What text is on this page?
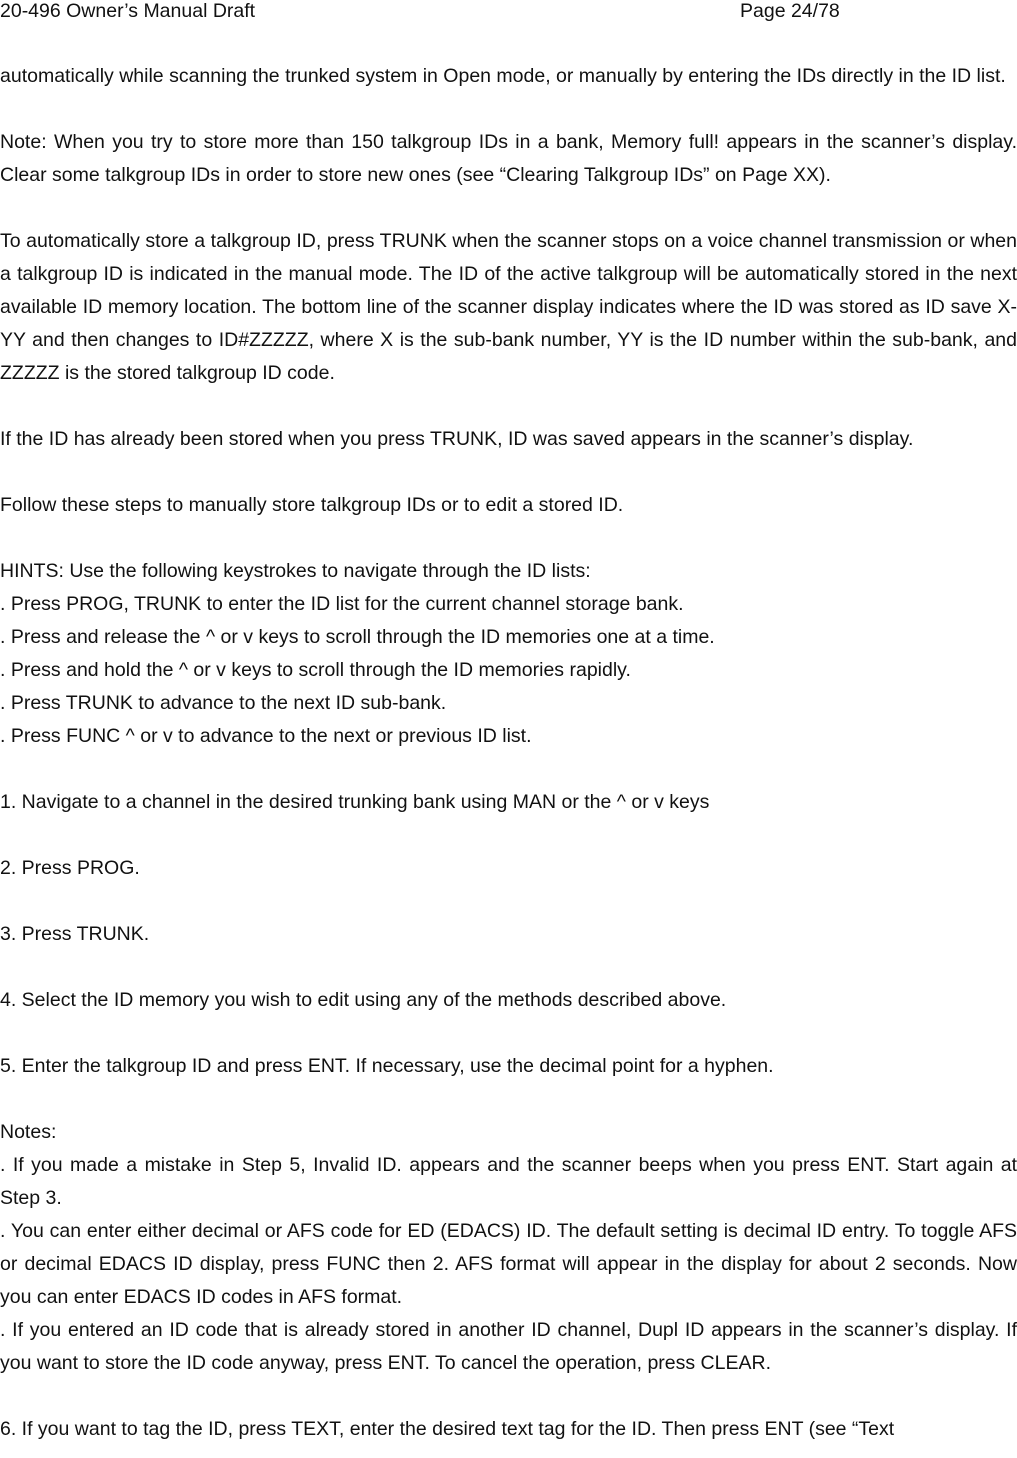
20-496 Owner’s Manual Draft	Page 24/78

automatically while scanning the trunked system in Open mode, or manually by entering the IDs directly in the ID list.

Note: When you try to store more than 150 talkgroup IDs in a bank, Memory full! appears in the scanner’s display. Clear some talkgroup IDs in order to store new ones (see “Clearing Talkgroup IDs” on Page XX).

To automatically store a talkgroup ID, press TRUNK when the scanner stops on a voice channel transmission or when a talkgroup ID is indicated in the manual mode. The ID of the active talkgroup will be automatically stored in the next available ID memory location. The bottom line of the scanner display indicates where the ID was stored as ID save X-YY and then changes to ID#ZZZZZ, where X is the sub-bank number, YY is the ID number within the sub-bank, and ZZZZZ is the stored talkgroup ID code.

If the ID has already been stored when you press TRUNK, ID was saved appears in the scanner’s display.

Follow these steps to manually store talkgroup IDs or to edit a stored ID.

HINTS: Use the following keystrokes to navigate through the ID lists:

. Press PROG, TRUNK to enter the ID list for the current channel storage bank.

. Press and release the ^ or v keys to scroll through the ID memories one at a time.

. Press and hold the ^ or v keys to scroll through the ID memories rapidly.

. Press TRUNK to advance to the next ID sub-bank.

. Press FUNC ^ or v to advance to the next or previous ID list.

1. Navigate to a channel in the desired trunking bank using MAN or the ^ or v keys

2. Press PROG.

3. Press TRUNK.

4. Select the ID memory you wish to edit using any of the methods described above.

5. Enter the talkgroup ID and press ENT. If necessary, use the decimal point for a hyphen.

Notes:

. If you made a mistake in Step 5, Invalid ID. appears and the scanner beeps when you press ENT. Start again at Step 3.

. You can enter either decimal or AFS code for ED (EDACS) ID. The default setting is decimal ID entry. To toggle AFS or decimal EDACS ID display, press FUNC then 2. AFS format will appear in the display for about 2 seconds. Now you can enter EDACS ID codes in AFS format.

. If you entered an ID code that is already stored in another ID channel, Dupl ID appears in the scanner’s display. If you want to store the ID code anyway, press ENT. To cancel the operation, press CLEAR.

6. If you want to tag the ID, press TEXT, enter the desired text tag for the ID. Then press ENT (see “Text
